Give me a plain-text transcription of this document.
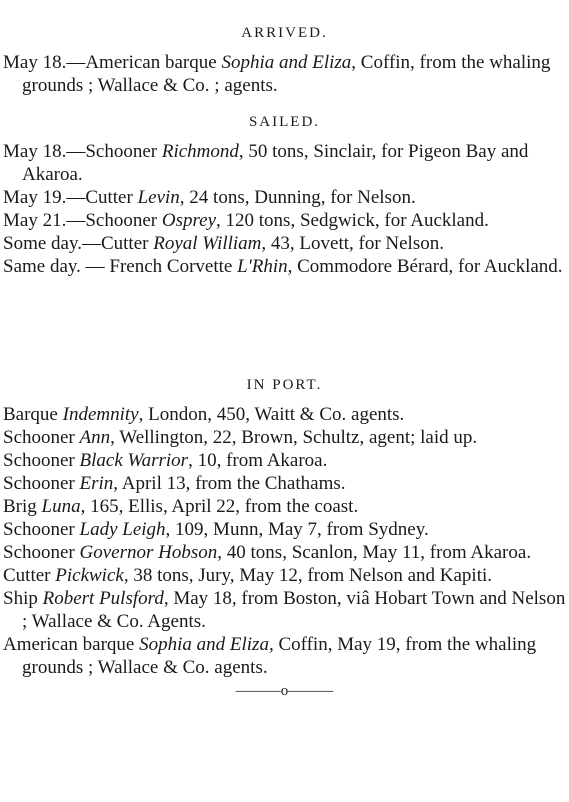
ARRIVED.

May 18.—American barque Sophia and Eliza, Coffin, from the whaling grounds ; Wallace & Co. ; agents.

SAILED.

May 18.—Schooner Richmond, 50 tons, Sinclair, for Pigeon Bay and Akaroa.

May 19.—Cutter Levin, 24 tons, Dunning, for Nelson.

May 21.—Schooner Osprey, 120 tons, Sedgwick, for Auckland.

Some day.—Cutter Royal William, 43, Lovett, for Nelson.

Same day. — French Corvette L'Rhin, Commodore Bérard, for Auckland.

IN PORT.

Barque Indemnity, London, 450, Waitt & Co. agents.

Schooner Ann, Wellington, 22, Brown, Schultz, agent; laid up.

Schooner Black Warrior, 10, from Akaroa.

Schooner Erin, April 13, from the Chathams.

Brig Luna, 165, Ellis, April 22, from the coast.

Schooner Lady Leigh, 109, Munn, May 7, from Sydney.

Schooner Governor Hobson, 40 tons, Scanlon, May 11, from Akaroa.

Cutter Pickwick, 38 tons, Jury, May 12, from Nelson and Kapiti.

Ship Robert Pulsford, May 18, from Boston, viâ Hobart Town and Nelson ; Wallace & Co. Agents.

American barque Sophia and Eliza, Coffin, May 19, from the whaling grounds ; Wallace & Co. agents.

———o———
